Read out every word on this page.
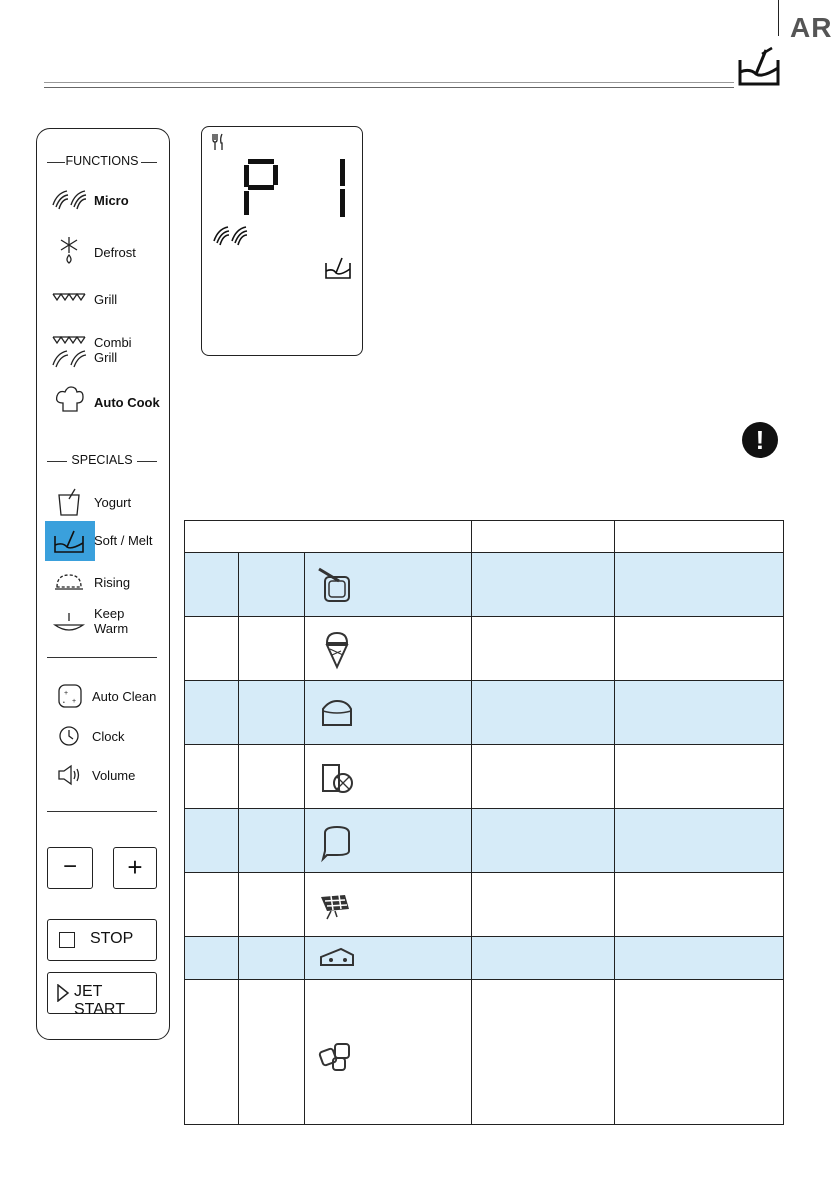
AR
FUNCTIONS
Micro
Defrost
Grill
Combi
Grill
Auto Cook
SPECIALS
Yogurt
Soft / Melt
Rising
Keep
Warm
+
+
• Auto Clean
Clock
Volume
−	+
STOP
JET START
!
